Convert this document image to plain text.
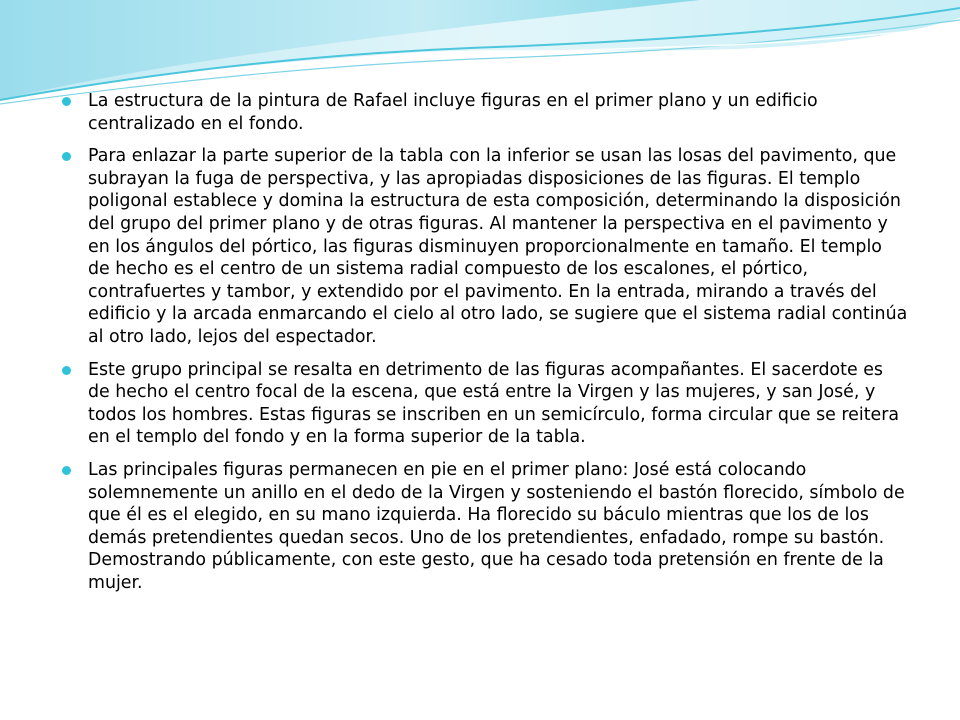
La estructura de la pintura de Rafael incluye figuras en el primer plano y un edificio centralizado en el fondo.
Para enlazar la parte superior de la tabla con la inferior se usan las losas del pavimento, que subrayan la fuga de perspectiva, y las apropiadas disposiciones de las figuras. El templo poligonal establece y domina la estructura de esta composición, determinando la disposición del grupo del primer plano y de otras figuras. Al mantener la perspectiva en el pavimento y en los ángulos del pórtico, las figuras disminuyen proporcionalmente en tamaño. El templo de hecho es el centro de un sistema radial compuesto de los escalones, el pórtico, contrafuertes y tambor, y extendido por el pavimento. En la entrada, mirando a través del edificio y la arcada enmarcando el cielo al otro lado, se sugiere que el sistema radial continúa al otro lado, lejos del espectador.
Este grupo principal se resalta en detrimento de las figuras acompañantes. El sacerdote es de hecho el centro focal de la escena, que está entre la Virgen y las mujeres, y san José, y todos los hombres. Estas figuras se inscriben en un semicírculo, forma circular que se reitera en el templo del fondo y en la forma superior de la tabla.
Las principales figuras permanecen en pie en el primer plano: José está colocando solemnemente un anillo en el dedo de la Virgen y sosteniendo el bastón florecido, símbolo de que él es el elegido, en su mano izquierda. Ha florecido su báculo mientras que los de los demás pretendientes quedan secos. Uno de los pretendientes, enfadado, rompe su bastón. Demostrando públicamente, con este gesto, que ha cesado toda pretensión en frente de la mujer.
